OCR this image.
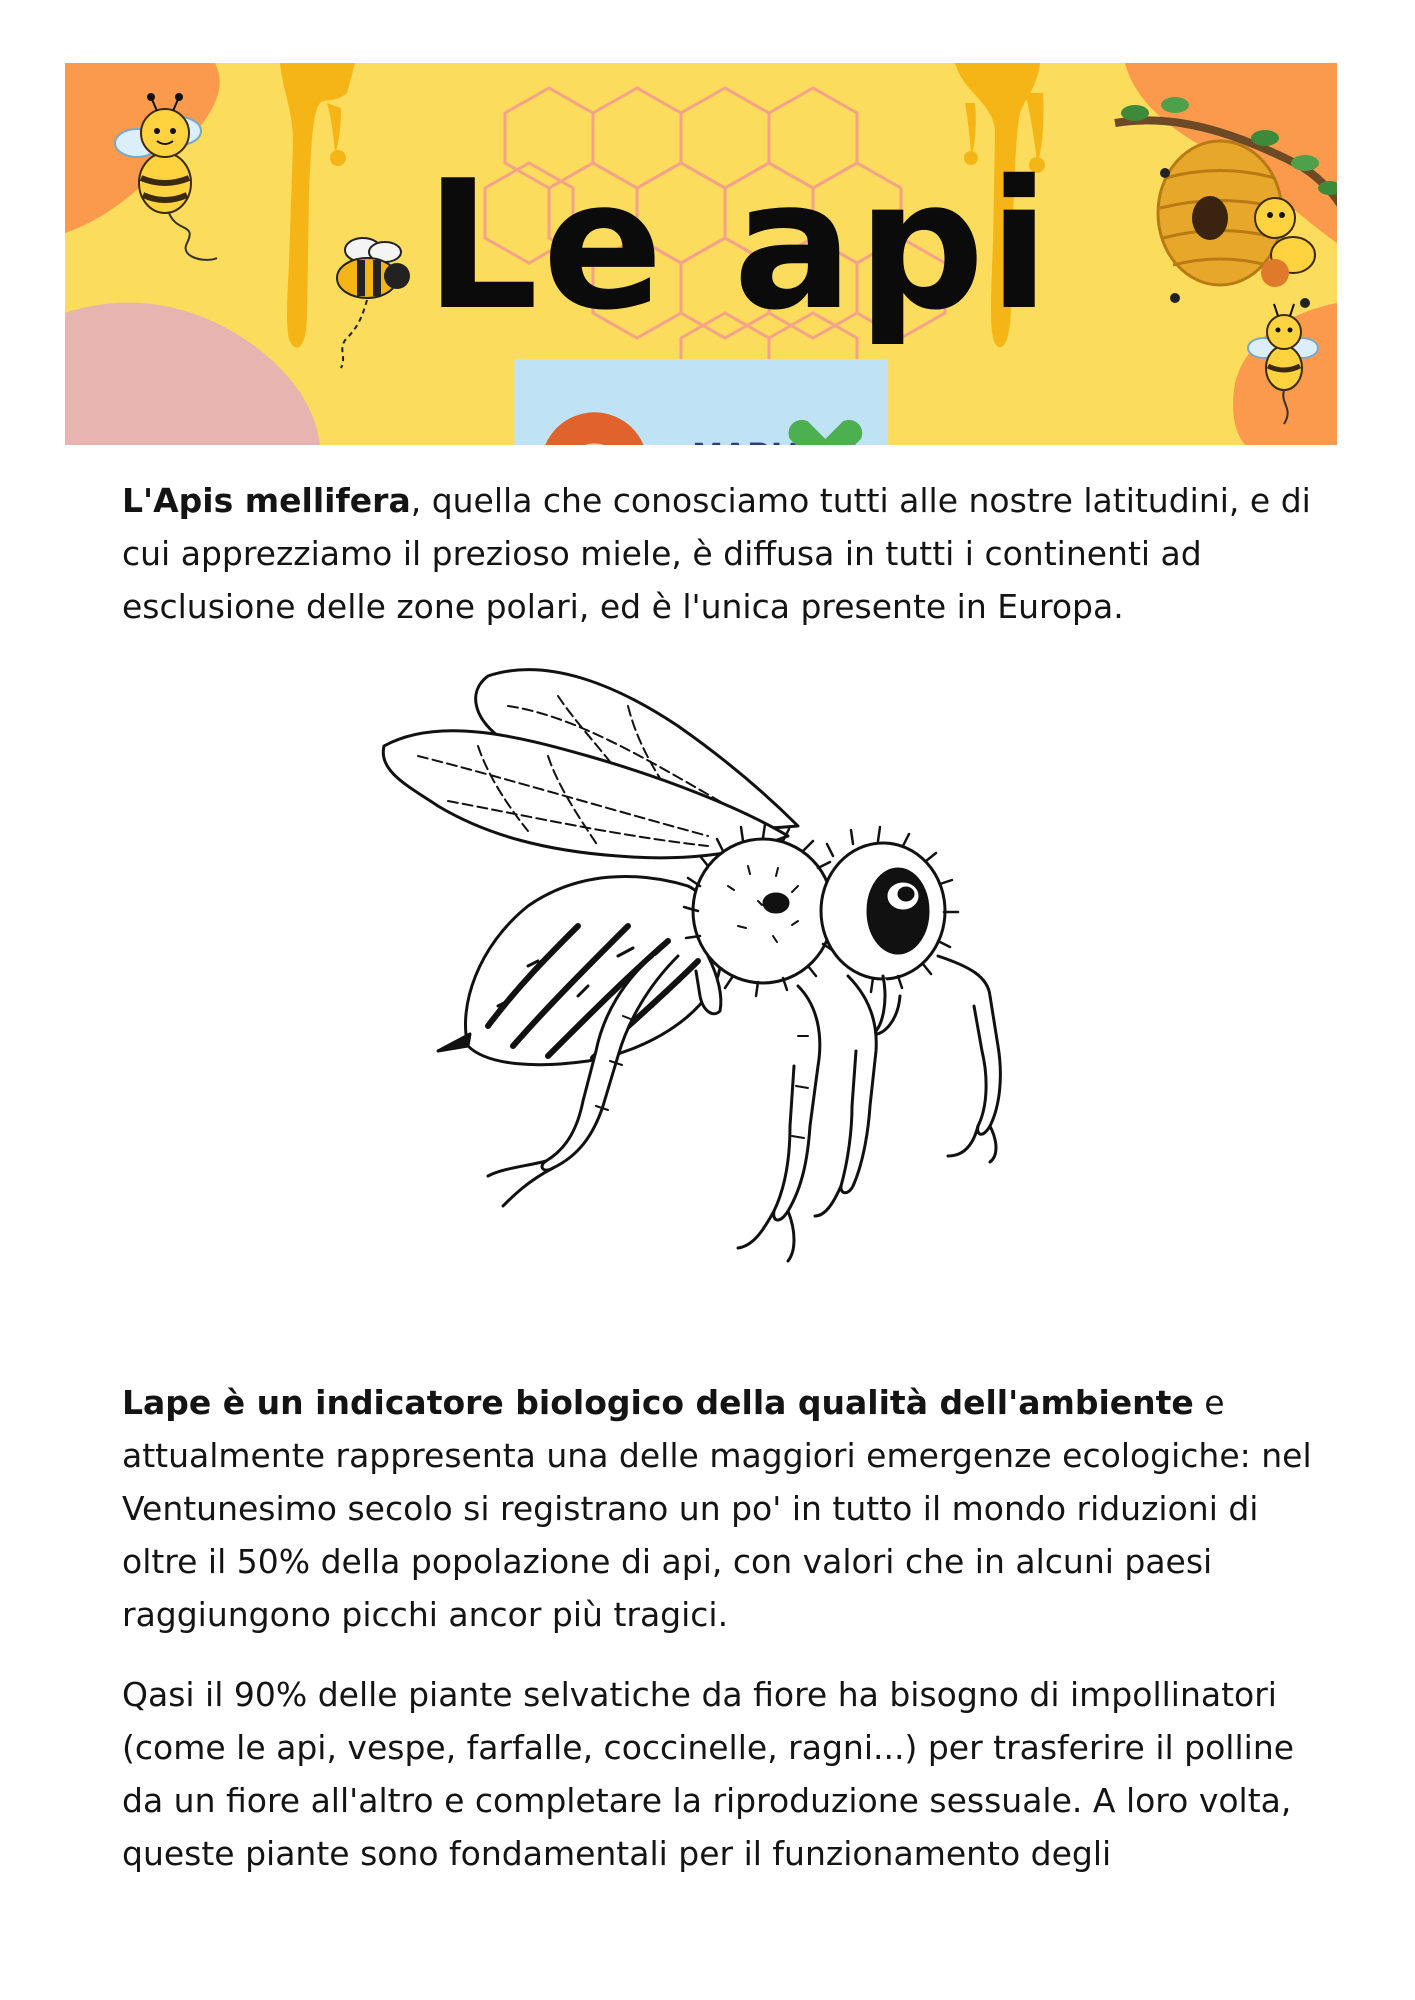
Le api
MABIAN

L'Apis mellifera, quella che conosciamo tutti alle nostre latitudini, e di cui apprezziamo il prezioso miele, è diffusa in tutti i continenti ad esclusione delle zone polari, ed è l'unica presente in Europa.

Lape è un indicatore biologico della qualità dell'ambiente e attualmente rappresenta una delle maggiori emergenze ecologiche: nel Ventunesimo secolo si registrano un po' in tutto il mondo riduzioni di oltre il 50% della popolazione di api, con valori che in alcuni paesi raggiungono picchi ancor più tragici.

Qasi il 90% delle piante selvatiche da fiore ha bisogno di impollinatori (come le api, vespe, farfalle, coccinelle, ragni...) per trasferire il polline da un fiore all'altro e completare la riproduzione sessuale. A loro volta, queste piante sono fondamentali per il funzionamento degli
